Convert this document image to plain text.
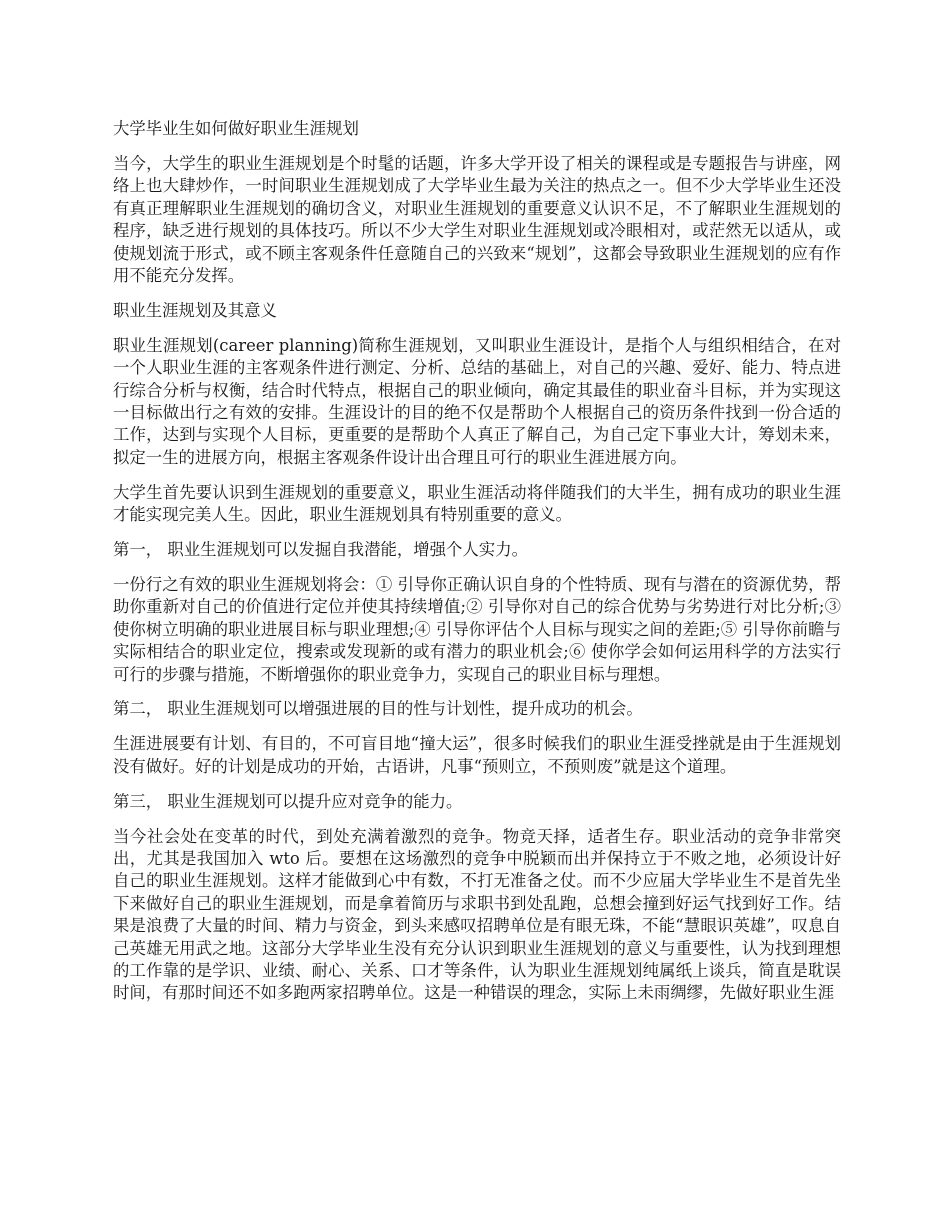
大学毕业生如何做好职业生涯规划

当今，大学生的职业生涯规划是个时髦的话题，许多大学开设了相关的课程或是专题报告与讲座，网络上也大肆炒作，一时间职业生涯规划成了大学毕业生最为关注的热点之一。但不少大学毕业生还没有真正理解职业生涯规划的确切含义，对职业生涯规划的重要意义认识不足，不了解职业生涯规划的程序，缺乏进行规划的具体技巧。所以不少大学生对职业生涯规划或冷眼相对，或茫然无以适从，或使规划流于形式，或不顾主客观条件任意随自己的兴致来“规划”，这都会导致职业生涯规划的应有作用不能充分发挥。

职业生涯规划及其意义

职业生涯规划(career planning)简称生涯规划，又叫职业生涯设计，是指个人与组织相结合，在对一个人职业生涯的主客观条件进行测定、分析、总结的基础上，对自己的兴趣、爱好、能力、特点进行综合分析与权衡，结合时代特点，根据自己的职业倾向，确定其最佳的职业奋斗目标，并为实现这一目标做出行之有效的安排。生涯设计的目的绝不仅是帮助个人根据自己的资历条件找到一份合适的工作，达到与实现个人目标，更重要的是帮助个人真正了解自己，为自己定下事业大计，筹划未来，拟定一生的进展方向，根据主客观条件设计出合理且可行的职业生涯进展方向。

大学生首先要认识到生涯规划的重要意义，职业生涯活动将伴随我们的大半生，拥有成功的职业生涯才能实现完美人生。因此，职业生涯规划具有特别重要的意义。

第一， 职业生涯规划可以发掘自我潜能，增强个人实力。

一份行之有效的职业生涯规划将会：① 引导你正确认识自身的个性特质、现有与潜在的资源优势，帮助你重新对自己的价值进行定位并使其持续增值;② 引导你对自己的综合优势与劣势进行对比分析;③ 使你树立明确的职业进展目标与职业理想;④ 引导你评估个人目标与现实之间的差距;⑤ 引导你前瞻与实际相结合的职业定位，搜索或发现新的或有潜力的职业机会;⑥ 使你学会如何运用科学的方法实行可行的步骤与措施，不断增强你的职业竞争力，实现自己的职业目标与理想。

第二， 职业生涯规划可以增强进展的目的性与计划性，提升成功的机会。

生涯进展要有计划、有目的，不可盲目地“撞大运”，很多时候我们的职业生涯受挫就是由于生涯规划没有做好。好的计划是成功的开始，古语讲，凡事“预则立，不预则废”就是这个道理。

第三， 职业生涯规划可以提升应对竞争的能力。

当今社会处在变革的时代，到处充满着激烈的竞争。物竞天择，适者生存。职业活动的竞争非常突出，尤其是我国加入 wto 后。要想在这场激烈的竞争中脱颖而出并保持立于不败之地，必须设计好自己的职业生涯规划。这样才能做到心中有数，不打无准备之仗。而不少应届大学毕业生不是首先坐下来做好自己的职业生涯规划，而是拿着简历与求职书到处乱跑，总想会撞到好运气找到好工作。结果是浪费了大量的时间、精力与资金，到头来感叹招聘单位是有眼无珠，不能“慧眼识英雄”，叹息自己英雄无用武之地。这部分大学毕业生没有充分认识到职业生涯规划的意义与重要性，认为找到理想的工作靠的是学识、业绩、耐心、关系、口才等条件，认为职业生涯规划纯属纸上谈兵，简直是耽误时间，有那时间还不如多跑两家招聘单位。这是一种错误的理念，实际上未雨绸缪，先做好职业生涯
